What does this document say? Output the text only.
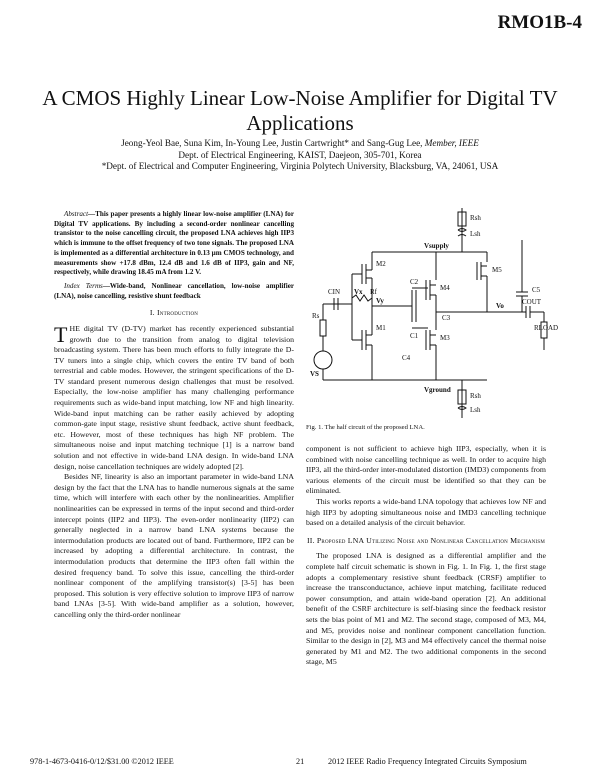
RMO1B-4
A CMOS Highly Linear Low-Noise Amplifier for Digital TV Applications
Jeong-Yeol Bae, Suna Kim, In-Young Lee, Justin Cartwright* and Sang-Gug Lee, Member, IEEE
Dept. of Electrical Engineering, KAIST, Daejeon, 305-701, Korea
*Dept. of Electrical and Computer Engineering, Virginia Polytech University, Blacksburg, VA, 24061, USA

Abstract—This paper presents a highly linear low-noise amplifier (LNA) for Digital TV applications. By including a second-order nonlinear cancelling transistor to the noise cancelling circuit, the proposed LNA achieves high IIP3 which is immune to the offset frequency of two tone signals. The proposed LNA is implemented as a differential architecture in 0.13 µm CMOS technology, and measurements show +17.8 dBm, 12.4 dB and 1.6 dB of IIP3, gain and NF, respectively, while drawing 18.45 mA from 1.2 V.

Index Terms—Wide-band, Nonlinear cancellation, low-noise amplifier (LNA), noise cancelling, resistive shunt feedback

I. Introduction

THE digital TV (D-TV) market has recently experienced substantial growth due to the transition from analog to digital television broadcasting system. There has been much efforts to fully integrate the D-TV tuners into a single chip, which covers the entire TV band of both terrestrial and cable modes. However, the stringent specifications of the D-TV standard present numerous design challenges that must be resolved. Especially, the low-noise amplifier has many challenging performance requirements such as wide-band input matching, low NF and high linearity. Wide-band input matching can be rather easily achieved by adopting common-gate input stage, resistive shunt feedback, active shunt feedback, etc. However, most of these techniques has high NF problem. The simultaneous noise and input matching technique [1] is a narrow band solution and not effective in wide-band LNA design. In wide-band LNA design, noise cancellation techniques are widely adopted [2].

Besides NF, linearity is also an important parameter in wide-band LNA design by the fact that the LNA has to handle numerous signals at the same time, which will interfere with each other by the nonlinearities. Amplifier nonlinearities can be expressed in terms of the input second and third-order intercept points (IIP2 and IIP3). The even-order nonlinearity (IIP2) can generally neglected in a narrow band LNA systems because the intermodulation products are located out of band. Furthermore, IIP2 can be increased by adopting a differential architecture. In contrast, the intermodulation products that determine the IIP3 often fall within the desired frequency band. To solve this issue, cancelling the third-order nonlinear component of the amplifying transistor(s) [3-5] has been proposed. This solution is very effective solution to improve IIP3 of narrow band LNAs [3-5]. With wide-band amplifier as a solution, however, cancelling only the third-order nonlinear

Rsh
Lsh
Vsupply
Rsh
Lsh
Vground
M2
M1
M4
M3
M5
Vx
Vy
Vo
Rf
Rs
VS
CIN
C2
C1
C3
C4
C5
COUT
RLOAD
Fig. 1. The half circuit of the proposed LNA.

component is not sufficient to achieve high IIP3, especially, when it is combined with noise cancelling technique as well. In order to acquire high IIP3, all the third-order inter-modulated distortion (IMD3) components from various elements of the circuit must be identified so that they can be eliminated.

This works reports a wide-band LNA topology that achieves low NF and high IIP3 by adopting simultaneous noise and IMD3 cancelling technique based on a detailed analysis of the circuit behavior.

II. Proposed LNA Utilizing Noise and Nonlinear Cancellation Mechanism

The proposed LNA is designed as a differential amplifier and the complete half circuit schematic is shown in Fig. 1. In Fig. 1, the first stage adopts a complementary resistive shunt feedback (CRSF) amplifier to increase the transconductance, achieve input matching, facilitate reduced power consumption, and attain wide-band operation [2]. An additional benefit of the CSRF architecture is self-biasing since the feedback resistor sets the bias point of M1 and M2. The second stage, composed of M3, M4, and M5, provides noise and nonlinear component cancellation function. Similar to the design in [2], M3 and M4 effectively cancel the thermal noise generated by M1 and M2. The two additional components in the second stage, M5

978-1-4673-0416-0/12/$31.00 ©2012 IEEE	21	2012 IEEE Radio Frequency Integrated Circuits Symposium
